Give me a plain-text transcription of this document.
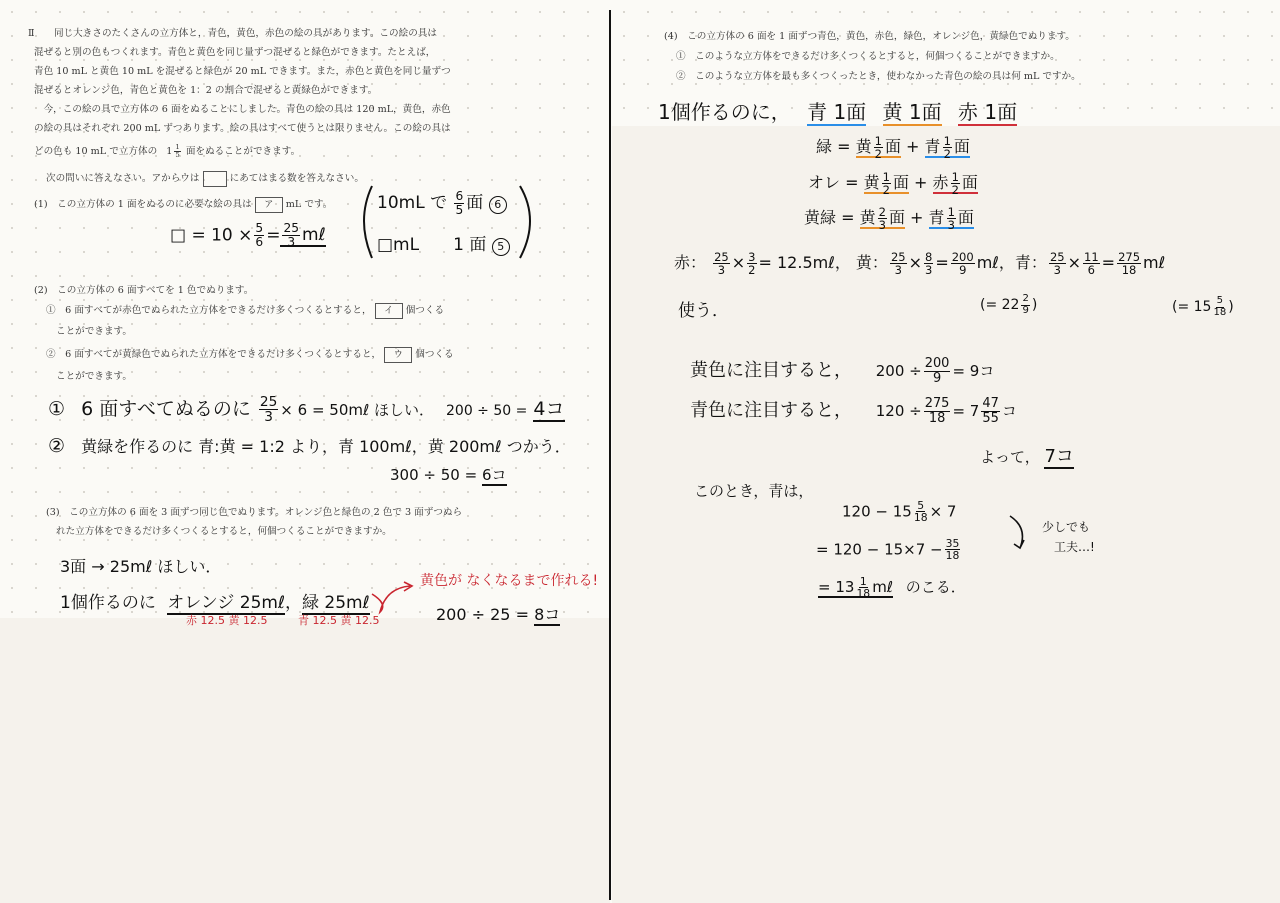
Ⅱ 同じ大きさのたくさんの立方体と，青色，黄色，赤色の絵の具があります。この絵の具は
混ぜると別の色もつくれます。青色と黄色を同じ量ずつ混ぜると緑色ができます。たとえば，
青色 10 mL と黄色 10 mL を混ぜると緑色が 20 mL できます。また，赤色と黄色を同じ量ずつ
混ぜるとオレンジ色，青色と黄色を 1：2 の割合で混ぜると黄緑色ができます。
　今，この絵の具で立方体の 6 面をぬることにしました。青色の絵の具は 120 mL，黄色，赤色
の絵の具はそれぞれ 200 mL ずつあります。絵の具はすべて使うとは限りません。この絵の具は
どの色も 10 mL で立方体の $1 \frac{1}{5}$ 面をぬることができます。
次の問いに答えなさい。アからウは	にあてはまる数を答えなさい。
(1)　この立方体の 1 面をぬるのに必要な絵の具は ア mL です。
(2)　この立方体の 6 面すべてを 1 色でぬります。
①　6 面すべてが赤色でぬられた立方体をできるだけ多くつくるとすると， イ 個つくる
ことができます。
②　6 面すべてが黄緑色でぬられた立方体をできるだけ多くつくるとすると， ウ 個つくる
ことができます。
(3)　この立方体の 6 面を 3 面ずつ同じ色でぬります。オレンジ色と緑色の 2 色で 3 面ずつぬら
れた立方体をできるだけ多くつくるとすると，何個つくることができますか。
□ = $10 \times \frac{5}{6} = \frac{25}{3}$ mℓ
10mL で $\frac{6}{5}$ 面 6
□mL　　1 面 5
① 6 面すべてぬるのに $\frac{25}{3} \times 6$ = 50mℓ ほしい． 200 ÷ 50 = 4コ
② 黄緑を作るのに 青:黄 = 1:2 より，青 100mℓ，黄 200mℓ つかう．
300 ÷ 50 = 6コ
3面 → 25mℓ ほしい．
1個作るのに オレンジ 25mℓ，緑 25mℓ
赤 12.5 黄 12.5	青 12.5 黄 12.5
黄色が なくなるまで作れる!
200 ÷ 25 = 8コ
(4)　この立方体の 6 面を 1 面ずつ青色，黄色，赤色，緑色，オレンジ色，黄緑色でぬります。
①　このような立方体をできるだけ多くつくるとすると，何個つくることができますか。
②　このような立方体を最も多くつくったとき，使わなかった青色の絵の具は何 mL ですか。
1個作るのに， 青 1面 黄 1面 赤 1面
緑 = 黄 $\frac{1}{2}$ 面 + 青 $\frac{1}{2}$ 面
オレ = 黄 $\frac{1}{2}$ 面 + 赤 $\frac{1}{2}$ 面
黄緑 = 黄 $\frac{2}{3}$ 面 + 青 $\frac{1}{3}$ 面
赤： $\frac{25}{3} \times \frac{3}{2}$ = 12.5mℓ， 黄： $\frac{25}{3} \times \frac{8}{3} = \frac{200}{9}$ mℓ，青： $\frac{25}{3} \times \frac{11}{6} = \frac{275}{18}$ mℓ
使う．	(= $22 \frac{2}{9}$ )	(= $15 \frac{5}{18}$ )
黄色に注目すると， $200 \div \frac{200}{9} = 9$コ
青色に注目すると， $120 \div \frac{275}{18} = 7 \frac{47}{55}$ コ
よって， 7コ
このとき，青は，
$120 - 15 \frac{5}{18} \times 7$
= $120 - 15\times 7 - \frac{35}{18}$
= $13 \frac{1}{18}$ mℓ のこる．
少しでも
工夫…!
